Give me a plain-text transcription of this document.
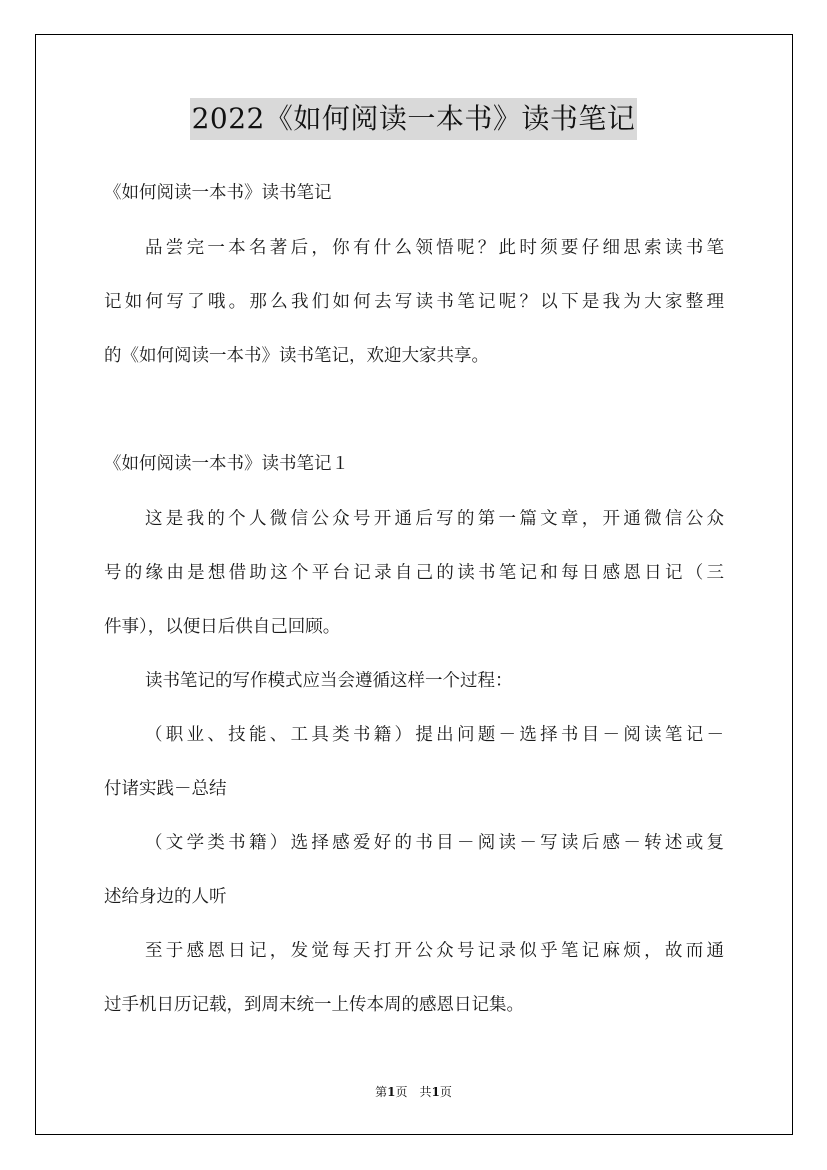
2022《如何阅读一本书》读书笔记
《如何阅读一本书》读书笔记
品尝完一本名著后，你有什么领悟呢？此时须要仔细思索读书笔
记如何写了哦。那么我们如何去写读书笔记呢？以下是我为大家整理
的《如何阅读一本书》读书笔记，欢迎大家共享。
《如何阅读一本书》读书笔记１
这是我的个人微信公众号开通后写的第一篇文章，开通微信公众
号的缘由是想借助这个平台记录自己的读书笔记和每日感恩日记（三
件事），以便日后供自己回顾。
读书笔记的写作模式应当会遵循这样一个过程：
（职业、技能、工具类书籍）提出问题－选择书目－阅读笔记－
付诸实践－总结
（文学类书籍）选择感爱好的书目－阅读－写读后感－转述或复
述给身边的人听
至于感恩日记，发觉每天打开公众号记录似乎笔记麻烦，故而通
过手机日历记载，到周末统一上传本周的感恩日记集。
第1页　共1页
